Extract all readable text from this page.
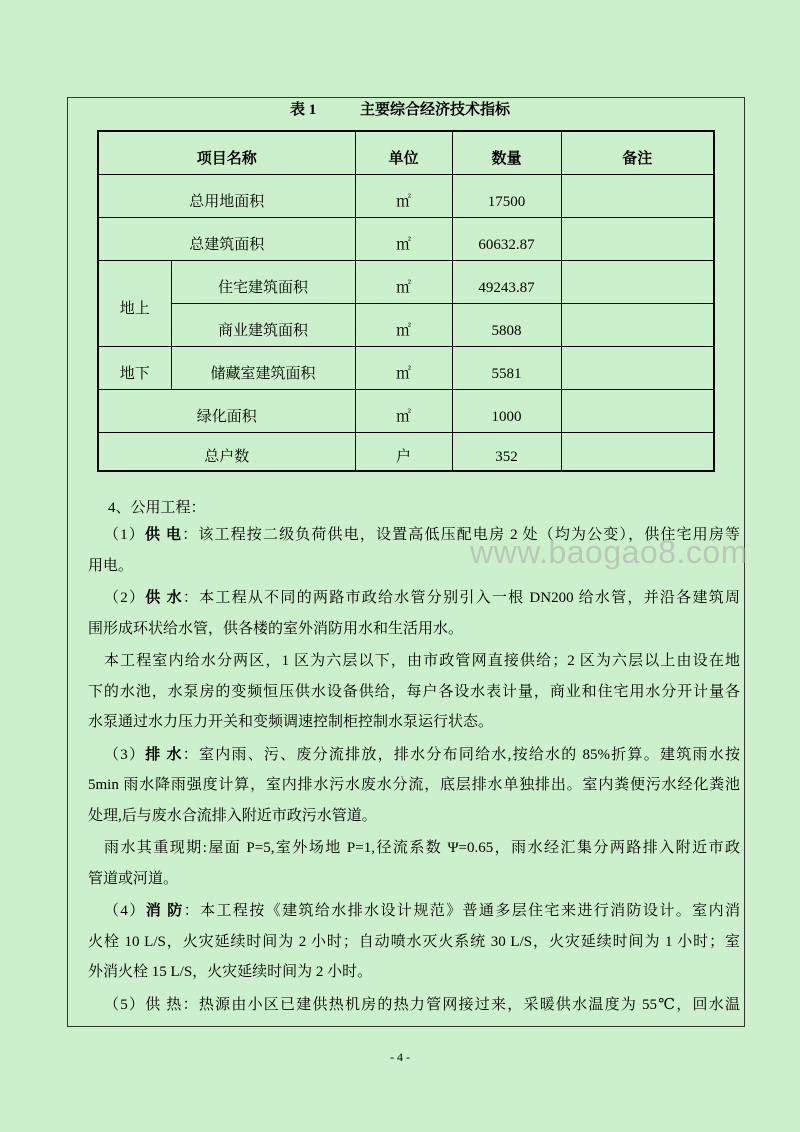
表 1	主要综合经济技术指标
项目名称		单位	数量	备注
总用地面积		㎡	17500	
总建筑面积		㎡	60632.87	
地上	住宅建筑面积	㎡	49243.87	
	商业建筑面积	㎡	5808	
地下	储藏室建筑面积	㎡	5581	
绿化面积		㎡	1000	
总户数		户	352	
4、公用工程：
（1）供 电：该工程按二级负荷供电，设置高低压配电房 2 处（均为公变），供住宅用房等
用电。
（2）供 水：本工程从不同的两路市政给水管分别引入一根 DN200 给水管，并沿各建筑周
围形成环状给水管，供各楼的室外消防用水和生活用水。
本工程室内给水分两区，1 区为六层以下，由市政管网直接供给；2 区为六层以上由设在地
下的水池，水泵房的变频恒压供水设备供给，每户各设水表计量，商业和住宅用水分开计量各
水泵通过水力压力开关和变频调速控制柜控制水泵运行状态。
（3）排 水：室内雨、污、废分流排放，排水分布同给水,按给水的 85%折算。建筑雨水按
5min 雨水降雨强度计算，室内排水污水废水分流，底层排水单独排出。室内粪便污水经化粪池
处理,后与废水合流排入附近市政污水管道。
雨水其重现期:屋面 P=5,室外场地 P=1,径流系数 Ψ=0.65，雨水经汇集分两路排入附近市政
管道或河道。
（4）消 防：本工程按《建筑给水排水设计规范》普通多层住宅来进行消防设计。室内消
火栓 10 L/S，火灾延续时间为 2 小时；自动喷水灭火系统 30 L/S，火灾延续时间为 1 小时；室
外消火栓 15 L/S，火灾延续时间为 2 小时。
（5）供 热：热源由小区已建供热机房的热力管网接过来，采暖供水温度为 55℃，回水温
www.baogao8.com
- 4 -
